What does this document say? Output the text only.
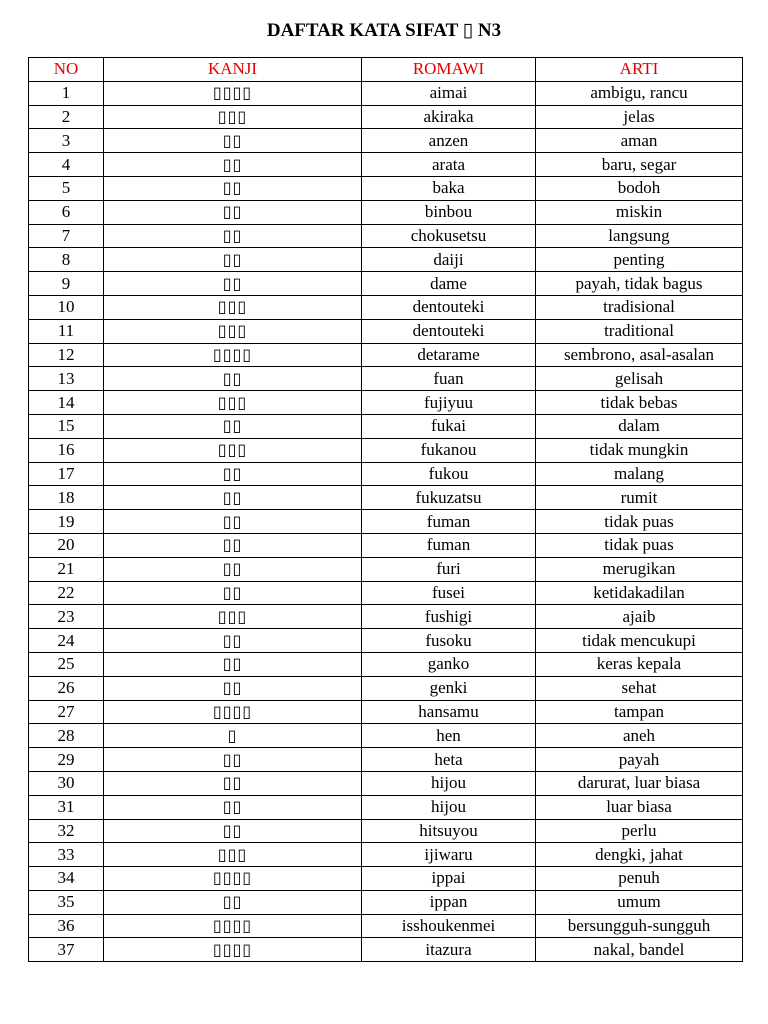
DAFTAR KATA SIFAT ▯ N3
NO	KANJI	ROMAWI	ARTI
1	▯▯▯▯	aimai	ambigu, rancu
2	▯▯▯	akiraka	jelas
3	▯▯	anzen	aman
4	▯▯	arata	baru, segar
5	▯▯	baka	bodoh
6	▯▯	binbou	miskin
7	▯▯	chokusetsu	langsung
8	▯▯	daiji	penting
9	▯▯	dame	payah, tidak bagus
10	▯▯▯	dentouteki	tradisional
11	▯▯▯	dentouteki	traditional
12	▯▯▯▯	detarame	sembrono, asal-asalan
13	▯▯	fuan	gelisah
14	▯▯▯	fujiyuu	tidak bebas
15	▯▯	fukai	dalam
16	▯▯▯	fukanou	tidak mungkin
17	▯▯	fukou	malang
18	▯▯	fukuzatsu	rumit
19	▯▯	fuman	tidak puas
20	▯▯	fuman	tidak puas
21	▯▯	furi	merugikan
22	▯▯	fusei	ketidakadilan
23	▯▯▯	fushigi	ajaib
24	▯▯	fusoku	tidak mencukupi
25	▯▯	ganko	keras kepala
26	▯▯	genki	sehat
27	▯▯▯▯	hansamu	tampan
28	▯	hen	aneh
29	▯▯	heta	payah
30	▯▯	hijou	darurat, luar biasa
31	▯▯	hijou	luar biasa
32	▯▯	hitsuyou	perlu
33	▯▯▯	ijiwaru	dengki, jahat
34	▯▯▯▯	ippai	penuh
35	▯▯	ippan	umum
36	▯▯▯▯	isshoukenmei	bersungguh-sungguh
37	▯▯▯▯	itazura	nakal, bandel
